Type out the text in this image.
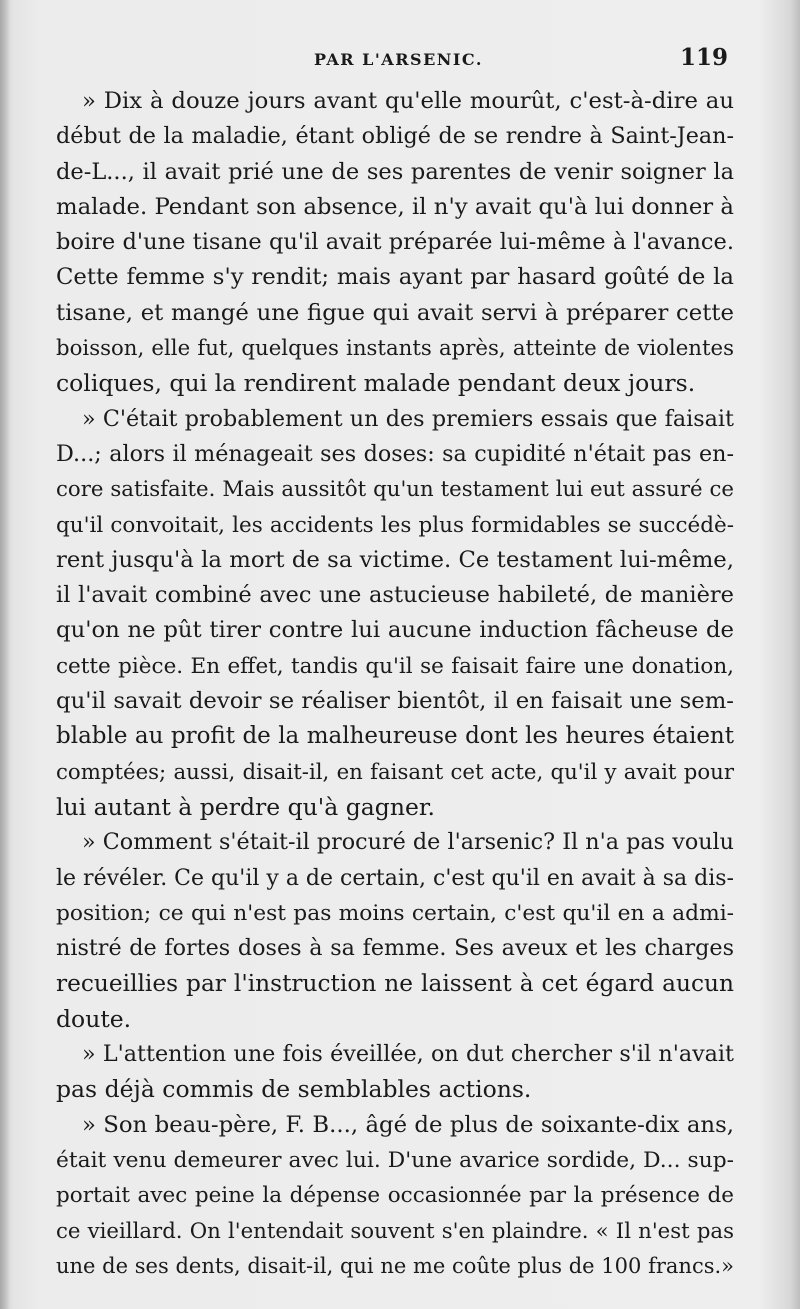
PAR L'ARSENIC.	119
» Dix à douze jours avant qu'elle mourût, c'est-à-dire au
début de la maladie, étant obligé de se rendre à Saint-Jean-
de-L..., il avait prié une de ses parentes de venir soigner la
malade. Pendant son absence, il n'y avait qu'à lui donner à
boire d'une tisane qu'il avait préparée lui-même à l'avance.
Cette femme s'y rendit; mais ayant par hasard goûté de la
tisane, et mangé une figue qui avait servi à préparer cette
boisson, elle fut, quelques instants après, atteinte de violentes
coliques, qui la rendirent malade pendant deux jours.
» C'était probablement un des premiers essais que faisait
D...; alors il ménageait ses doses: sa cupidité n'était pas en-
core satisfaite. Mais aussitôt qu'un testament lui eut assuré ce
qu'il convoitait, les accidents les plus formidables se succédè-
rent jusqu'à la mort de sa victime. Ce testament lui-même,
il l'avait combiné avec une astucieuse habileté, de manière
qu'on ne pût tirer contre lui aucune induction fâcheuse de
cette pièce. En effet, tandis qu'il se faisait faire une donation,
qu'il savait devoir se réaliser bientôt, il en faisait une sem-
blable au profit de la malheureuse dont les heures étaient
comptées; aussi, disait-il, en faisant cet acte, qu'il y avait pour
lui autant à perdre qu'à gagner.
» Comment s'était-il procuré de l'arsenic? Il n'a pas voulu
le révéler. Ce qu'il y a de certain, c'est qu'il en avait à sa dis-
position; ce qui n'est pas moins certain, c'est qu'il en a admi-
nistré de fortes doses à sa femme. Ses aveux et les charges
recueillies par l'instruction ne laissent à cet égard aucun
doute.
» L'attention une fois éveillée, on dut chercher s'il n'avait
pas déjà commis de semblables actions.
» Son beau-père, F. B..., âgé de plus de soixante-dix ans,
était venu demeurer avec lui. D'une avarice sordide, D... sup-
portait avec peine la dépense occasionnée par la présence de
ce vieillard. On l'entendait souvent s'en plaindre. « Il n'est pas
une de ses dents, disait-il, qui ne me coûte plus de 100 francs.»
